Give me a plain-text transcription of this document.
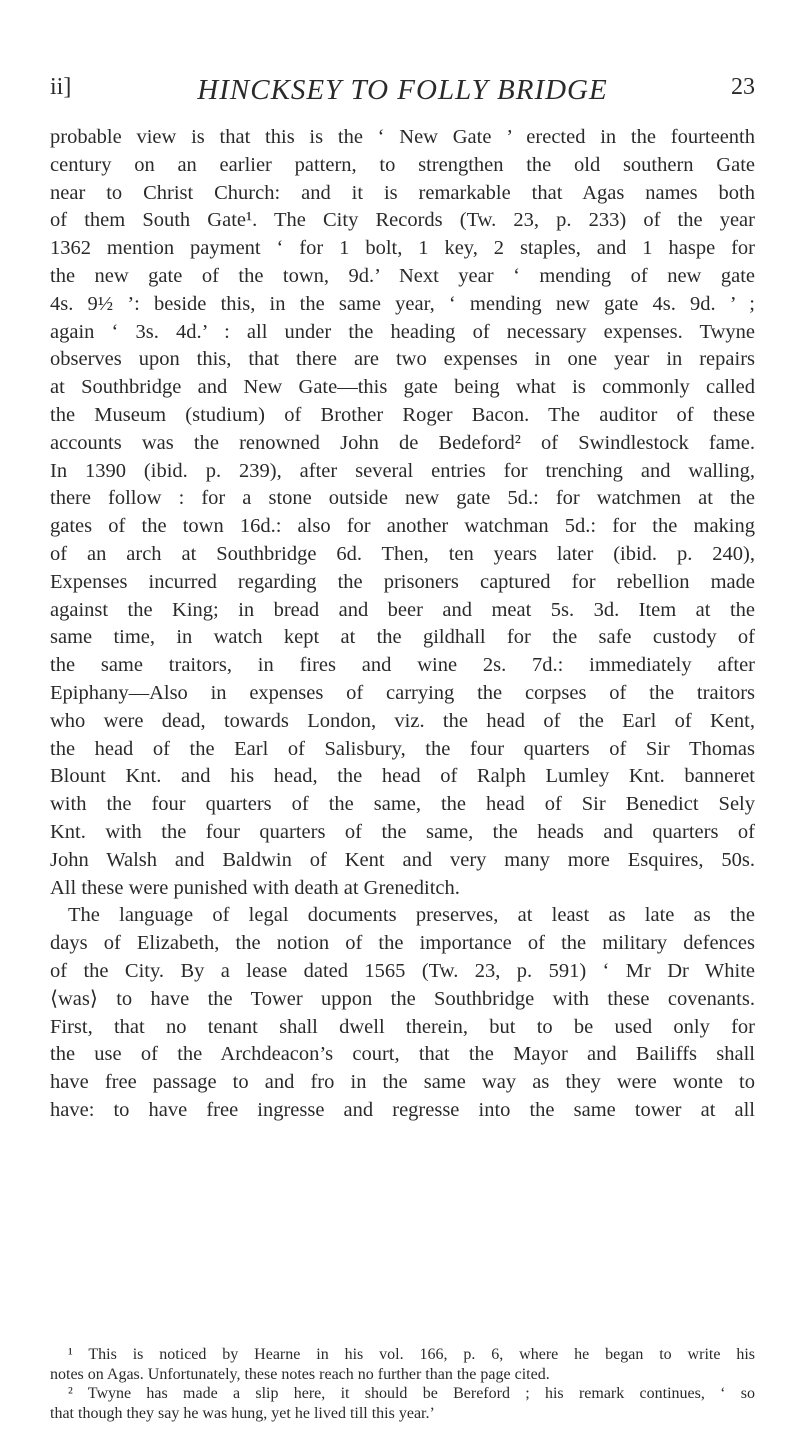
ii]	HINCKSEY TO FOLLY BRIDGE	23
probable view is that this is the ‘ New Gate ’ erected in the fourteenth
century on an earlier pattern, to strengthen the old southern Gate
near to Christ Church: and it is remarkable that Agas names both
of them South Gate¹. The City Records (Tw. 23, p. 233) of the year
1362 mention payment ‘ for 1 bolt, 1 key, 2 staples, and 1 haspe for
the new gate of the town, 9d.’ Next year ‘ mending of new gate
4s. 9½ ’: beside this, in the same year, ‘ mending new gate 4s. 9d. ’ ;
again ‘ 3s. 4d.’ : all under the heading of necessary expenses. Twyne
observes upon this, that there are two expenses in one year in repairs
at Southbridge and New Gate—this gate being what is commonly called
the Museum (studium) of Brother Roger Bacon. The auditor of these
accounts was the renowned John de Bedeford² of Swindlestock fame.
In 1390 (ibid. p. 239), after several entries for trenching and walling,
there follow : for a stone outside new gate 5d.: for watchmen at the
gates of the town 16d.: also for another watchman 5d.: for the making
of an arch at Southbridge 6d. Then, ten years later (ibid. p. 240),
Expenses incurred regarding the prisoners captured for rebellion made
against the King; in bread and beer and meat 5s. 3d. Item at the
same time, in watch kept at the gildhall for the safe custody of
the same traitors, in fires and wine 2s. 7d.: immediately after
Epiphany—Also in expenses of carrying the corpses of the traitors
who were dead, towards London, viz. the head of the Earl of Kent,
the head of the Earl of Salisbury, the four quarters of Sir Thomas
Blount Knt. and his head, the head of Ralph Lumley Knt. banneret
with the four quarters of the same, the head of Sir Benedict Sely
Knt. with the four quarters of the same, the heads and quarters of
John Walsh and Baldwin of Kent and very many more Esquires, 50s.
All these were punished with death at Greneditch.
The language of legal documents preserves, at least as late as the
days of Elizabeth, the notion of the importance of the military defences
of the City. By a lease dated 1565 (Tw. 23, p. 591) ‘ Mr Dr White
⟨was⟩ to have the Tower uppon the Southbridge with these covenants.
First, that no tenant shall dwell therein, but to be used only for
the use of the Archdeacon’s court, that the Mayor and Bailiffs shall
have free passage to and fro in the same way as they were wonte to
have: to have free ingresse and regresse into the same tower at all
¹ This is noticed by Hearne in his vol. 166, p. 6, where he began to write his
notes on Agas. Unfortunately, these notes reach no further than the page cited.
² Twyne has made a slip here, it should be Bereford ; his remark continues, ‘ so
that though they say he was hung, yet he lived till this year.’
